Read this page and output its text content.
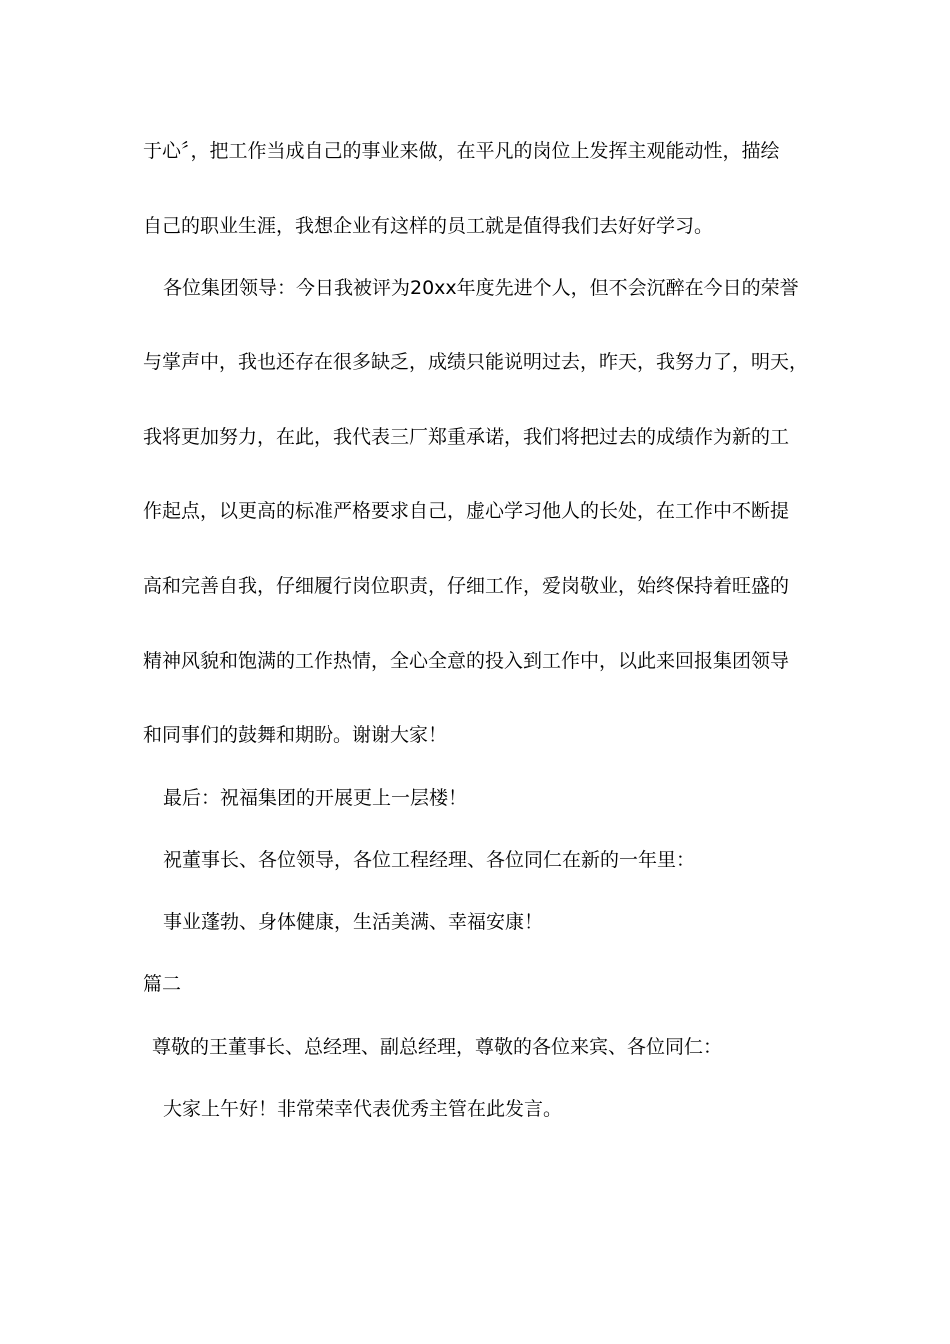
于心〞，把工作当成自己的事业来做，在平凡的岗位上发挥主观能动性，描绘
自己的职业生涯，我想企业有这样的员工就是值得我们去好好学习。
各位集团领导：今日我被评为20xx年度先进个人，但不会沉醉在今日的荣誉
与掌声中，我也还存在很多缺乏，成绩只能说明过去，昨天，我努力了，明天，
我将更加努力，在此，我代表三厂郑重承诺，我们将把过去的成绩作为新的工
作起点，以更高的标准严格要求自己，虚心学习他人的长处，在工作中不断提
高和完善自我，仔细履行岗位职责，仔细工作，爱岗敬业，始终保持着旺盛的
精神风貌和饱满的工作热情，全心全意的投入到工作中，以此来回报集团领导
和同事们的鼓舞和期盼。谢谢大家！
最后：祝福集团的开展更上一层楼！
祝董事长、各位领导，各位工程经理、各位同仁在新的一年里：
事业蓬勃、身体健康，生活美满、幸福安康！
篇二
尊敬的王董事长、总经理、副总经理，尊敬的各位来宾、各位同仁：
大家上午好！非常荣幸代表优秀主管在此发言。
